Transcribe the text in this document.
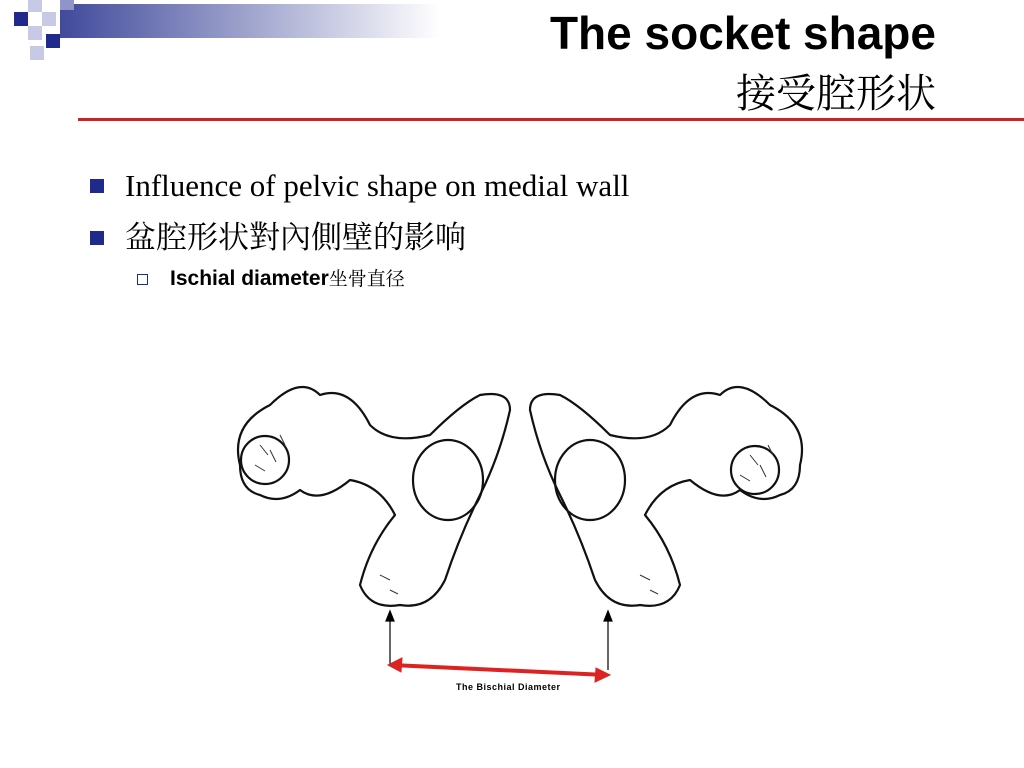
The socket shape
接受腔形状
Influence of pelvic shape on medial wall
盆腔形状對內側壁的影响
Ischial diameter 坐骨直径
The Bischial Diameter
